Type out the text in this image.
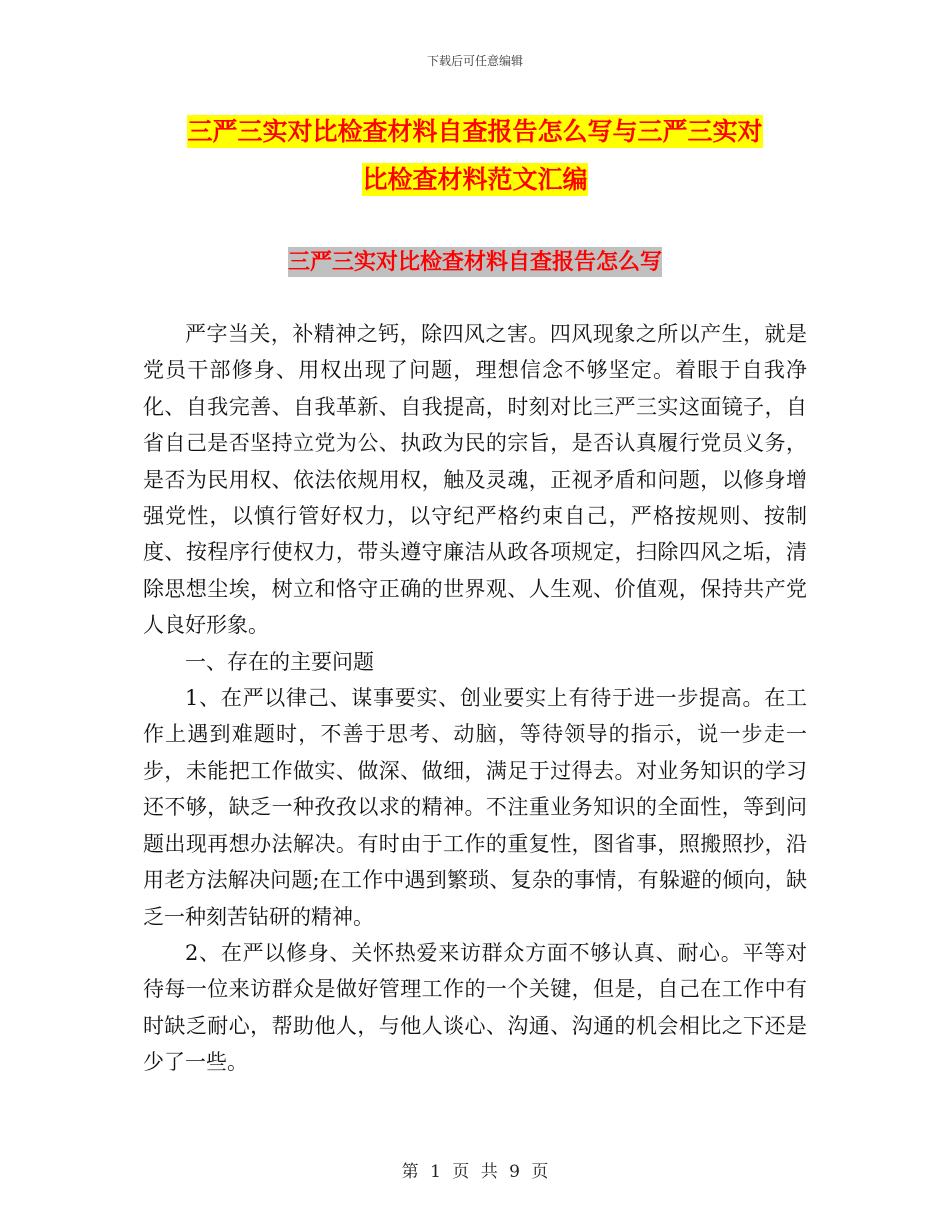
下载后可任意编辑
三严三实对比检查材料自查报告怎么写与三严三实对
比检查材料范文汇编
三严三实对比检查材料自查报告怎么写

严字当关，补精神之钙，除四风之害。四风现象之所以产生，就是党员干部修身、用权出现了问题，理想信念不够坚定。着眼于自我净化、自我完善、自我革新、自我提高，时刻对比三严三实这面镜子，自省自己是否坚持立党为公、执政为民的宗旨，是否认真履行党员义务，是否为民用权、依法依规用权，触及灵魂，正视矛盾和问题，以修身增强党性，以慎行管好权力，以守纪严格约束自己，严格按规则、按制度、按程序行使权力，带头遵守廉洁从政各项规定，扫除四风之垢，清除思想尘埃，树立和恪守正确的世界观、人生观、价值观，保持共产党人良好形象。

一、存在的主要问题

1、在严以律己、谋事要实、创业要实上有待于进一步提高。在工作上遇到难题时，不善于思考、动脑，等待领导的指示，说一步走一步，未能把工作做实、做深、做细，满足于过得去。对业务知识的学习还不够，缺乏一种孜孜以求的精神。不注重业务知识的全面性，等到问题出现再想办法解决。有时由于工作的重复性，图省事，照搬照抄，沿用老方法解决问题;在工作中遇到繁琐、复杂的事情，有躲避的倾向，缺乏一种刻苦钻研的精神。

2、在严以修身、关怀热爱来访群众方面不够认真、耐心。平等对待每一位来访群众是做好管理工作的一个关键，但是，自己在工作中有时缺乏耐心，帮助他人，与他人谈心、沟通、沟通的机会相比之下还是少了一些。

第 1 页 共 9 页
